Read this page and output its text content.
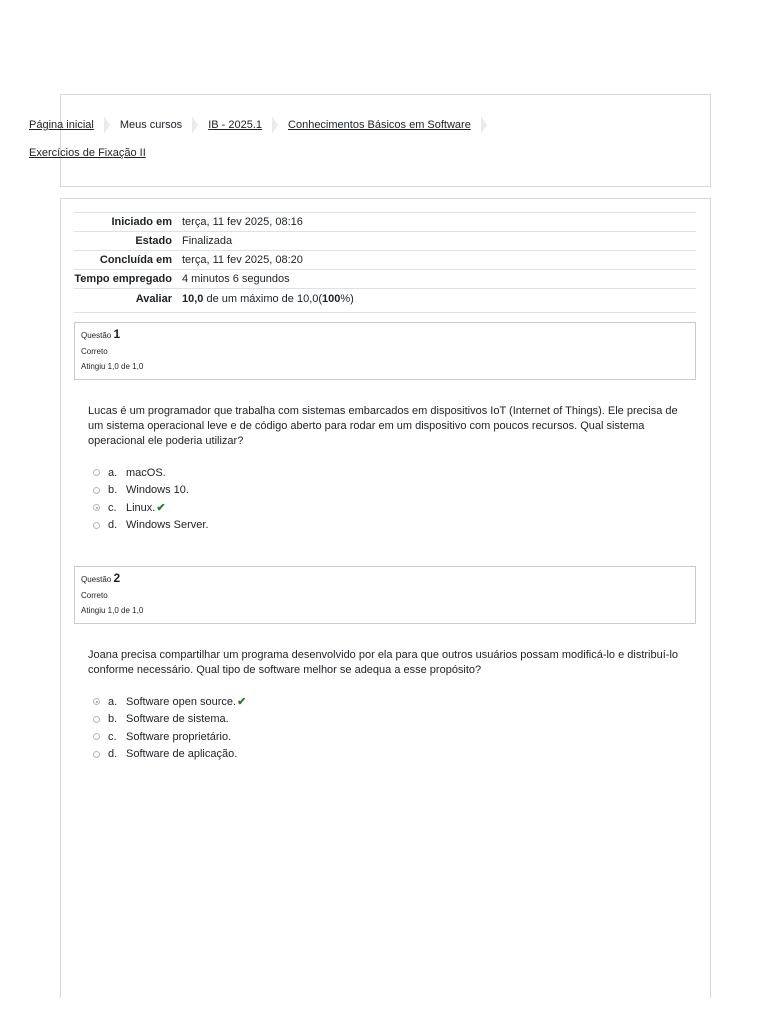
Página inicial Meus cursos IB - 2025.1 Conhecimentos Básicos em Software
Exercícios de Fixação II
Iniciado em	terça, 11 fev 2025, 08:16
Estado	Finalizada
Concluída em	terça, 11 fev 2025, 08:20
Tempo empregado	4 minutos 6 segundos
Avaliar	10,0 de um máximo de 10,0(100%)
Questão 1
Correto
Atingiu 1,0 de 1,0
Lucas é um programador que trabalha com sistemas embarcados em dispositivos IoT (Internet of Things). Ele precisa de um sistema operacional leve e de código aberto para rodar em um dispositivo com poucos recursos. Qual sistema operacional ele poderia utilizar?
a. macOS.
b. Windows 10.
c. Linux. ✔
d. Windows Server.
Questão 2
Correto
Atingiu 1,0 de 1,0
Joana precisa compartilhar um programa desenvolvido por ela para que outros usuários possam modificá-lo e distribuí-lo conforme necessário. Qual tipo de software melhor se adequa a esse propósito?
a. Software open source. ✔
b. Software de sistema.
c. Software proprietário.
d. Software de aplicação.
